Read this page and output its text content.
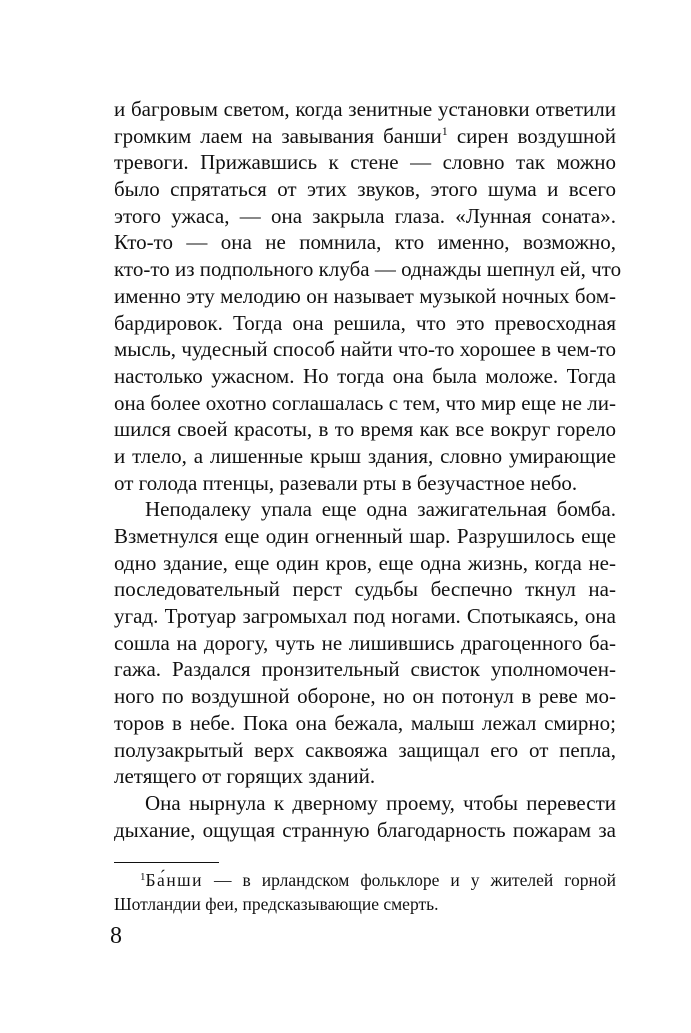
и багровым светом, когда зенитные установки ответили
громким лаем на завывания банши$^1$ сирен воздушной
тревоги. Прижавшись к стене — словно так можно
было спрятаться от этих звуков, этого шума и всего
этого ужаса, — она закрыла глаза. «Лунная соната».
Кто-то — она не помнила, кто именно, возможно,
кто-то из подпольного клуба — однажды шепнул ей, что
именно эту мелодию он называет музыкой ночных бом-
бардировок. Тогда она решила, что это превосходная
мысль, чудесный способ найти что-то хорошее в чем-то
настолько ужасном. Но тогда она была моложе. Тогда
она более охотно соглашалась с тем, что мир еще не ли-
шился своей красоты, в то время как все вокруг горело
и тлело, а лишенные крыш здания, словно умирающие
от голода птенцы, разевали рты в безучастное небо.
Неподалеку упала еще одна зажигательная бомба.
Взметнулся еще один огненный шар. Разрушилось еще
одно здание, еще один кров, еще одна жизнь, когда не-
последовательный перст судьбы беспечно ткнул на-
угад. Тротуар загромыхал под ногами. Спотыкаясь, она
сошла на дорогу, чуть не лишившись драгоценного ба-
гажа. Раздался пронзительный свисток уполномочен-
ного по воздушной обороне, но он потонул в реве мо-
торов в небе. Пока она бежала, малыш лежал смирно;
полузакрытый верх саквояжа защищал его от пепла,
летящего от горящих зданий.
Она нырнула к дверному проему, чтобы перевести
дыхание, ощущая странную благодарность пожарам за
$^1$Ба́нши — в ирландском фольклоре и у жителей горной
Шотландии феи, предсказывающие смерть.
8
